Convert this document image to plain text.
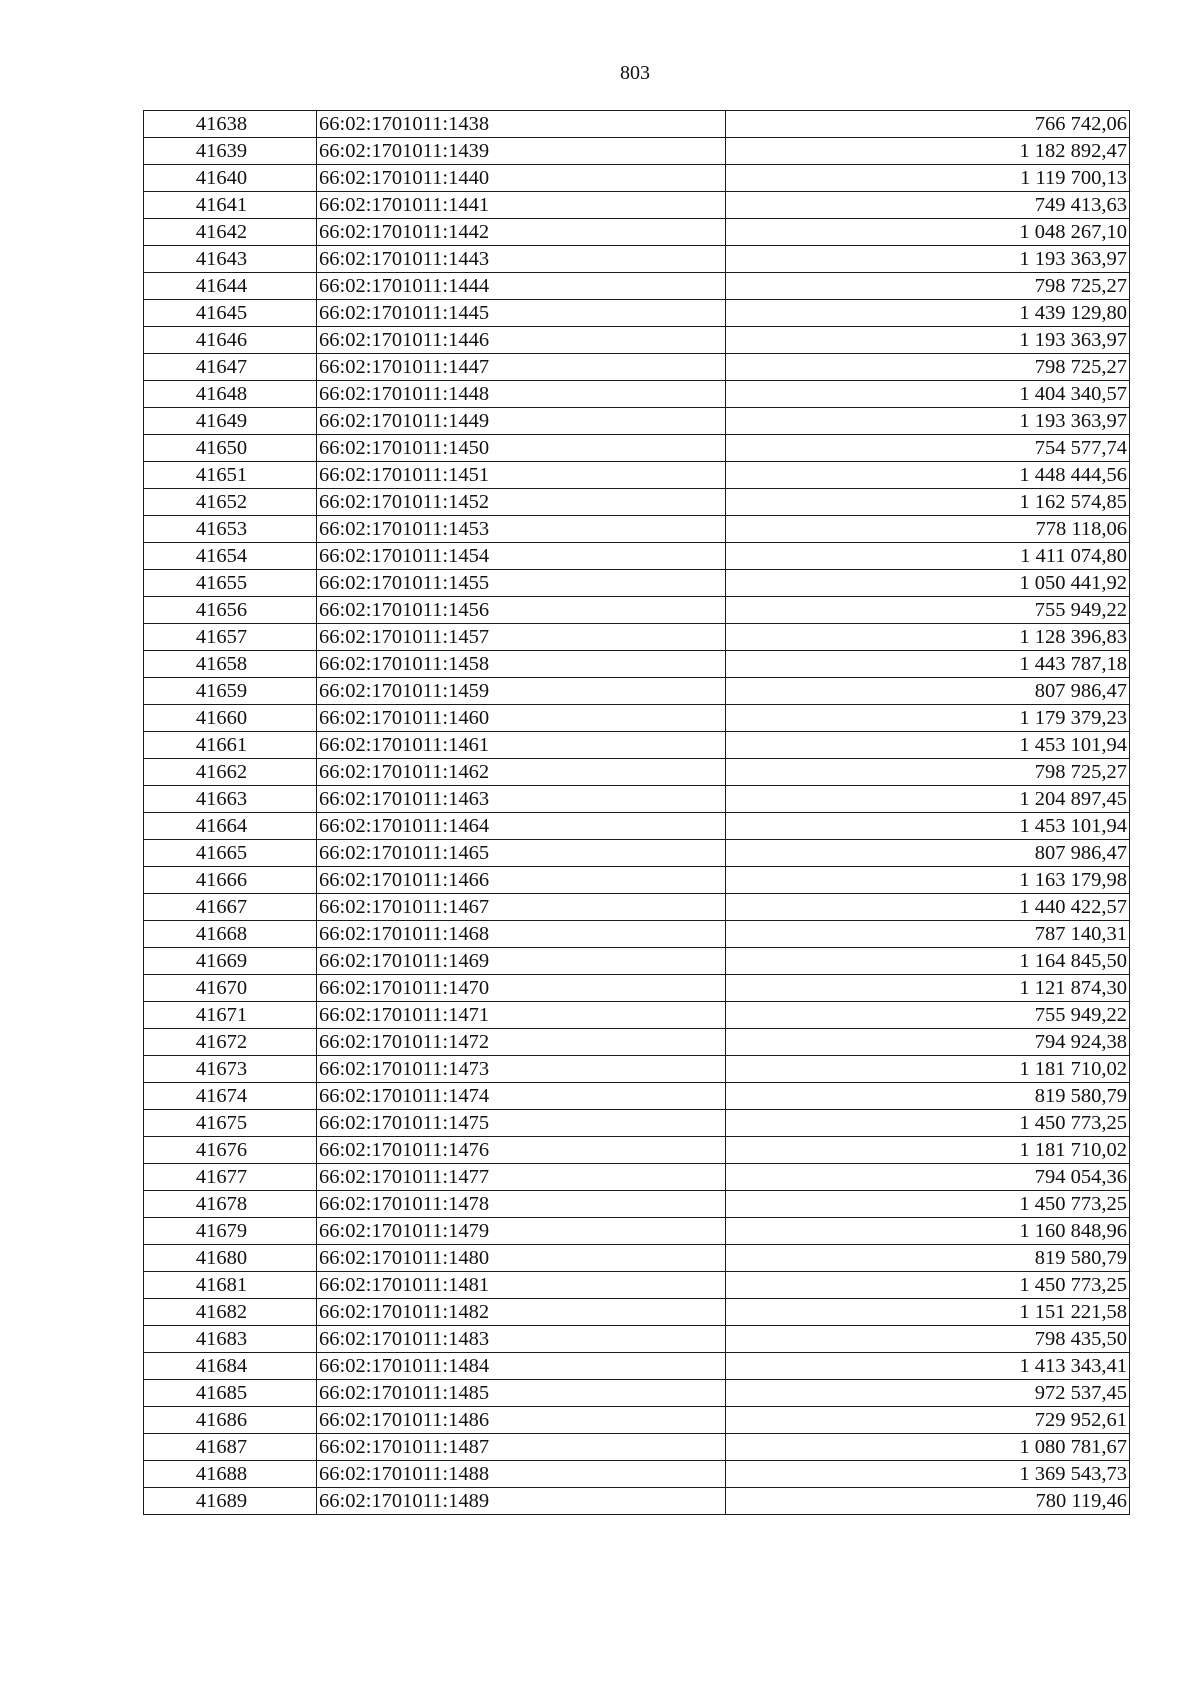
803
41638	66:02:1701011:1438	766 742,06
41639	66:02:1701011:1439	1 182 892,47
41640	66:02:1701011:1440	1 119 700,13
41641	66:02:1701011:1441	749 413,63
41642	66:02:1701011:1442	1 048 267,10
41643	66:02:1701011:1443	1 193 363,97
41644	66:02:1701011:1444	798 725,27
41645	66:02:1701011:1445	1 439 129,80
41646	66:02:1701011:1446	1 193 363,97
41647	66:02:1701011:1447	798 725,27
41648	66:02:1701011:1448	1 404 340,57
41649	66:02:1701011:1449	1 193 363,97
41650	66:02:1701011:1450	754 577,74
41651	66:02:1701011:1451	1 448 444,56
41652	66:02:1701011:1452	1 162 574,85
41653	66:02:1701011:1453	778 118,06
41654	66:02:1701011:1454	1 411 074,80
41655	66:02:1701011:1455	1 050 441,92
41656	66:02:1701011:1456	755 949,22
41657	66:02:1701011:1457	1 128 396,83
41658	66:02:1701011:1458	1 443 787,18
41659	66:02:1701011:1459	807 986,47
41660	66:02:1701011:1460	1 179 379,23
41661	66:02:1701011:1461	1 453 101,94
41662	66:02:1701011:1462	798 725,27
41663	66:02:1701011:1463	1 204 897,45
41664	66:02:1701011:1464	1 453 101,94
41665	66:02:1701011:1465	807 986,47
41666	66:02:1701011:1466	1 163 179,98
41667	66:02:1701011:1467	1 440 422,57
41668	66:02:1701011:1468	787 140,31
41669	66:02:1701011:1469	1 164 845,50
41670	66:02:1701011:1470	1 121 874,30
41671	66:02:1701011:1471	755 949,22
41672	66:02:1701011:1472	794 924,38
41673	66:02:1701011:1473	1 181 710,02
41674	66:02:1701011:1474	819 580,79
41675	66:02:1701011:1475	1 450 773,25
41676	66:02:1701011:1476	1 181 710,02
41677	66:02:1701011:1477	794 054,36
41678	66:02:1701011:1478	1 450 773,25
41679	66:02:1701011:1479	1 160 848,96
41680	66:02:1701011:1480	819 580,79
41681	66:02:1701011:1481	1 450 773,25
41682	66:02:1701011:1482	1 151 221,58
41683	66:02:1701011:1483	798 435,50
41684	66:02:1701011:1484	1 413 343,41
41685	66:02:1701011:1485	972 537,45
41686	66:02:1701011:1486	729 952,61
41687	66:02:1701011:1487	1 080 781,67
41688	66:02:1701011:1488	1 369 543,73
41689	66:02:1701011:1489	780 119,46
